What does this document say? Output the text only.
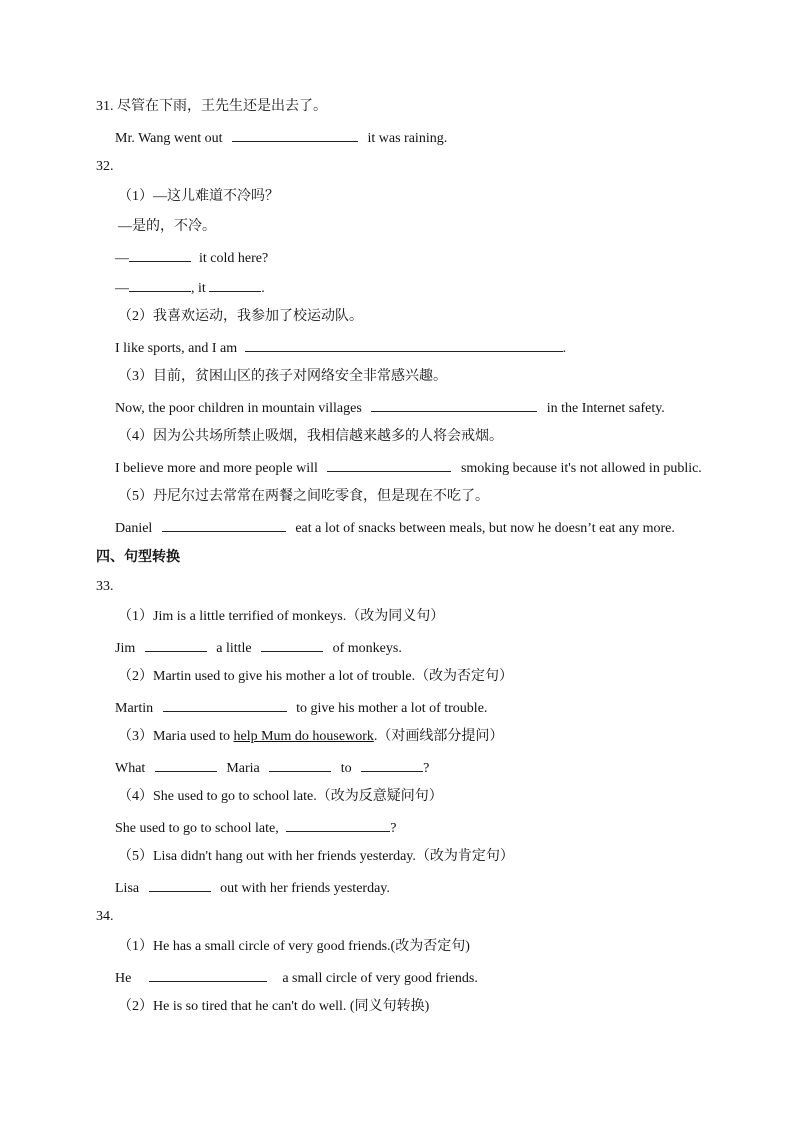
31. 尽管在下雨，王先生还是出去了。
Mr. Wang went out	it was raining.
32.
（1）—这儿难道不冷吗？
—是的，不冷。
—	it cold here?
—	, it	.
（2）我喜欢运动，我参加了校运动队。
I like sports, and I am	.
（3）目前，贫困山区的孩子对网络安全非常感兴趣。
Now, the poor children in mountain villages	in the Internet safety.
（4）因为公共场所禁止吸烟，我相信越来越多的人将会戒烟。
I believe more and more people will	smoking because it's not allowed in public.
（5）丹尼尔过去常常在两餐之间吃零食，但是现在不吃了。
Daniel	eat a lot of snacks between meals, but now he doesn’t eat any more.
四、句型转换
33.
（1）Jim is a little terrified of monkeys.（改为同义句）
Jim	a little	of monkeys.
（2）Martin used to give his mother a lot of trouble.（改为否定句）
Martin	to give his mother a lot of trouble.
（3）Maria used to help Mum do housework.（对画线部分提问）
What	Maria	to	?
（4）She used to go to school late.（改为反意疑问句）
She used to go to school late,	?
（5）Lisa didn't hang out with her friends yesterday.（改为肯定句）
Lisa	out with her friends yesterday.
34.
（1）He has a small circle of very good friends.(改为否定句)
He	a small circle of very good friends.
（2）He is so tired that he can't do well. (同义句转换)
